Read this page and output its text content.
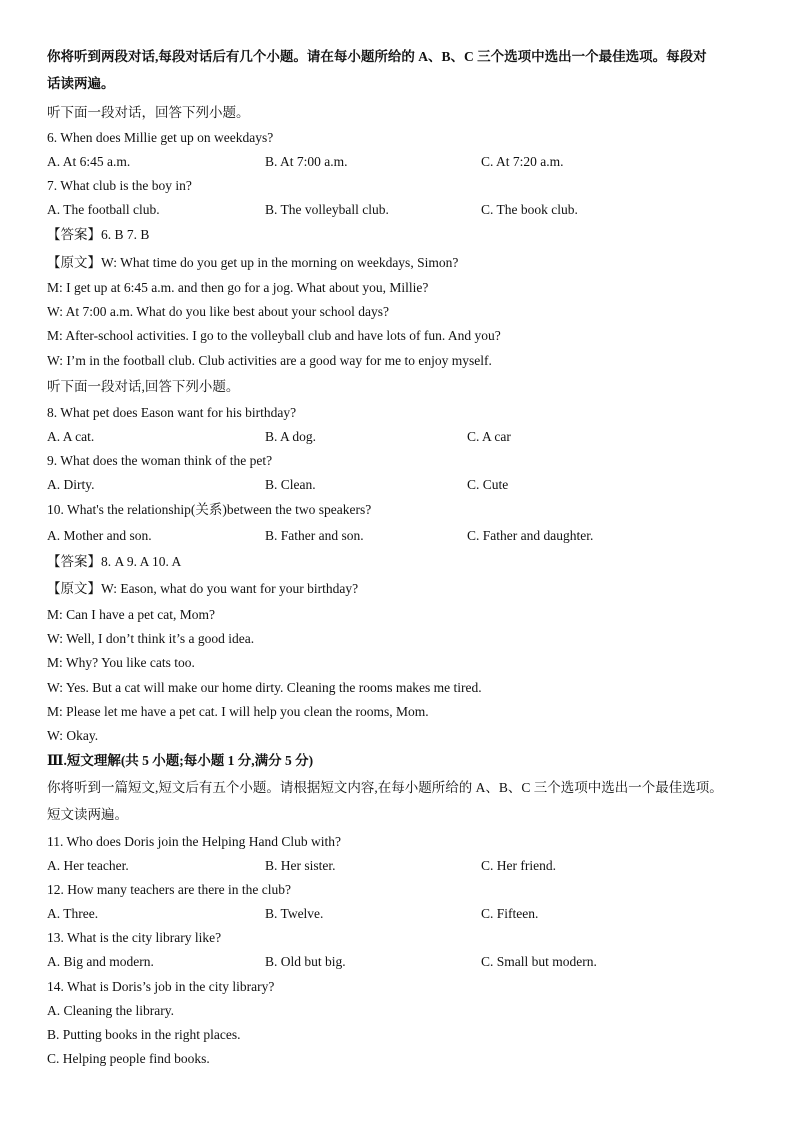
你将听到两段对话,每段对话后有几个小题。请在每小题所给的 A、B、C 三个选项中选出一个最佳选项。每段对
话读两遍。
听下面一段对话，回答下列小题。
6. When does Millie get up on weekdays?
A. At 6:45 a.m.	B. At 7:00 a.m.	C. At 7:20 a.m.
7. What club is the boy in?
A. The football club.	B. The volleyball club.	C. The book club.
【答案】6. B 7. B
【原文】W: What time do you get up in the morning on weekdays, Simon?
M: I get up at 6:45 a.m. and then go for a jog. What about you, Millie?
W: At 7:00 a.m. What do you like best about your school days?
M: After-school activities. I go to the volleyball club and have lots of fun. And you?
W: I’m in the football club. Club activities are a good way for me to enjoy myself.
听下面一段对话,回答下列小题。
8. What pet does Eason want for his birthday?
A. A cat.	B. A dog.	C. A car
9. What does the woman think of the pet?
A. Dirty.	B. Clean.	C. Cute
10. What's the relationship(关系)between the two speakers?
A. Mother and son.	B. Father and son.	C. Father and daughter.
【答案】8. A 9. A 10. A
【原文】W: Eason, what do you want for your birthday?
M: Can I have a pet cat, Mom?
W: Well, I don’t think it’s a good idea.
M: Why? You like cats too.
W: Yes. But a cat will make our home dirty. Cleaning the rooms makes me tired.
M: Please let me have a pet cat. I will help you clean the rooms, Mom.
W: Okay.
Ⅲ.短文理解(共 5 小题;每小题 1 分,满分 5 分)
你将听到一篇短文,短文后有五个小题。请根据短文内容,在每小题所给的 A、B、C 三个选项中选出一个最佳选项。
短文读两遍。
11. Who does Doris join the Helping Hand Club with?
A. Her teacher.	B. Her sister.	C. Her friend.
12. How many teachers are there in the club?
A. Three.	B. Twelve.	C. Fifteen.
13. What is the city library like?
A. Big and modern.	B. Old but big.	C. Small but modern.
14. What is Doris’s job in the city library?
A. Cleaning the library.
B. Putting books in the right places.
C. Helping people find books.
